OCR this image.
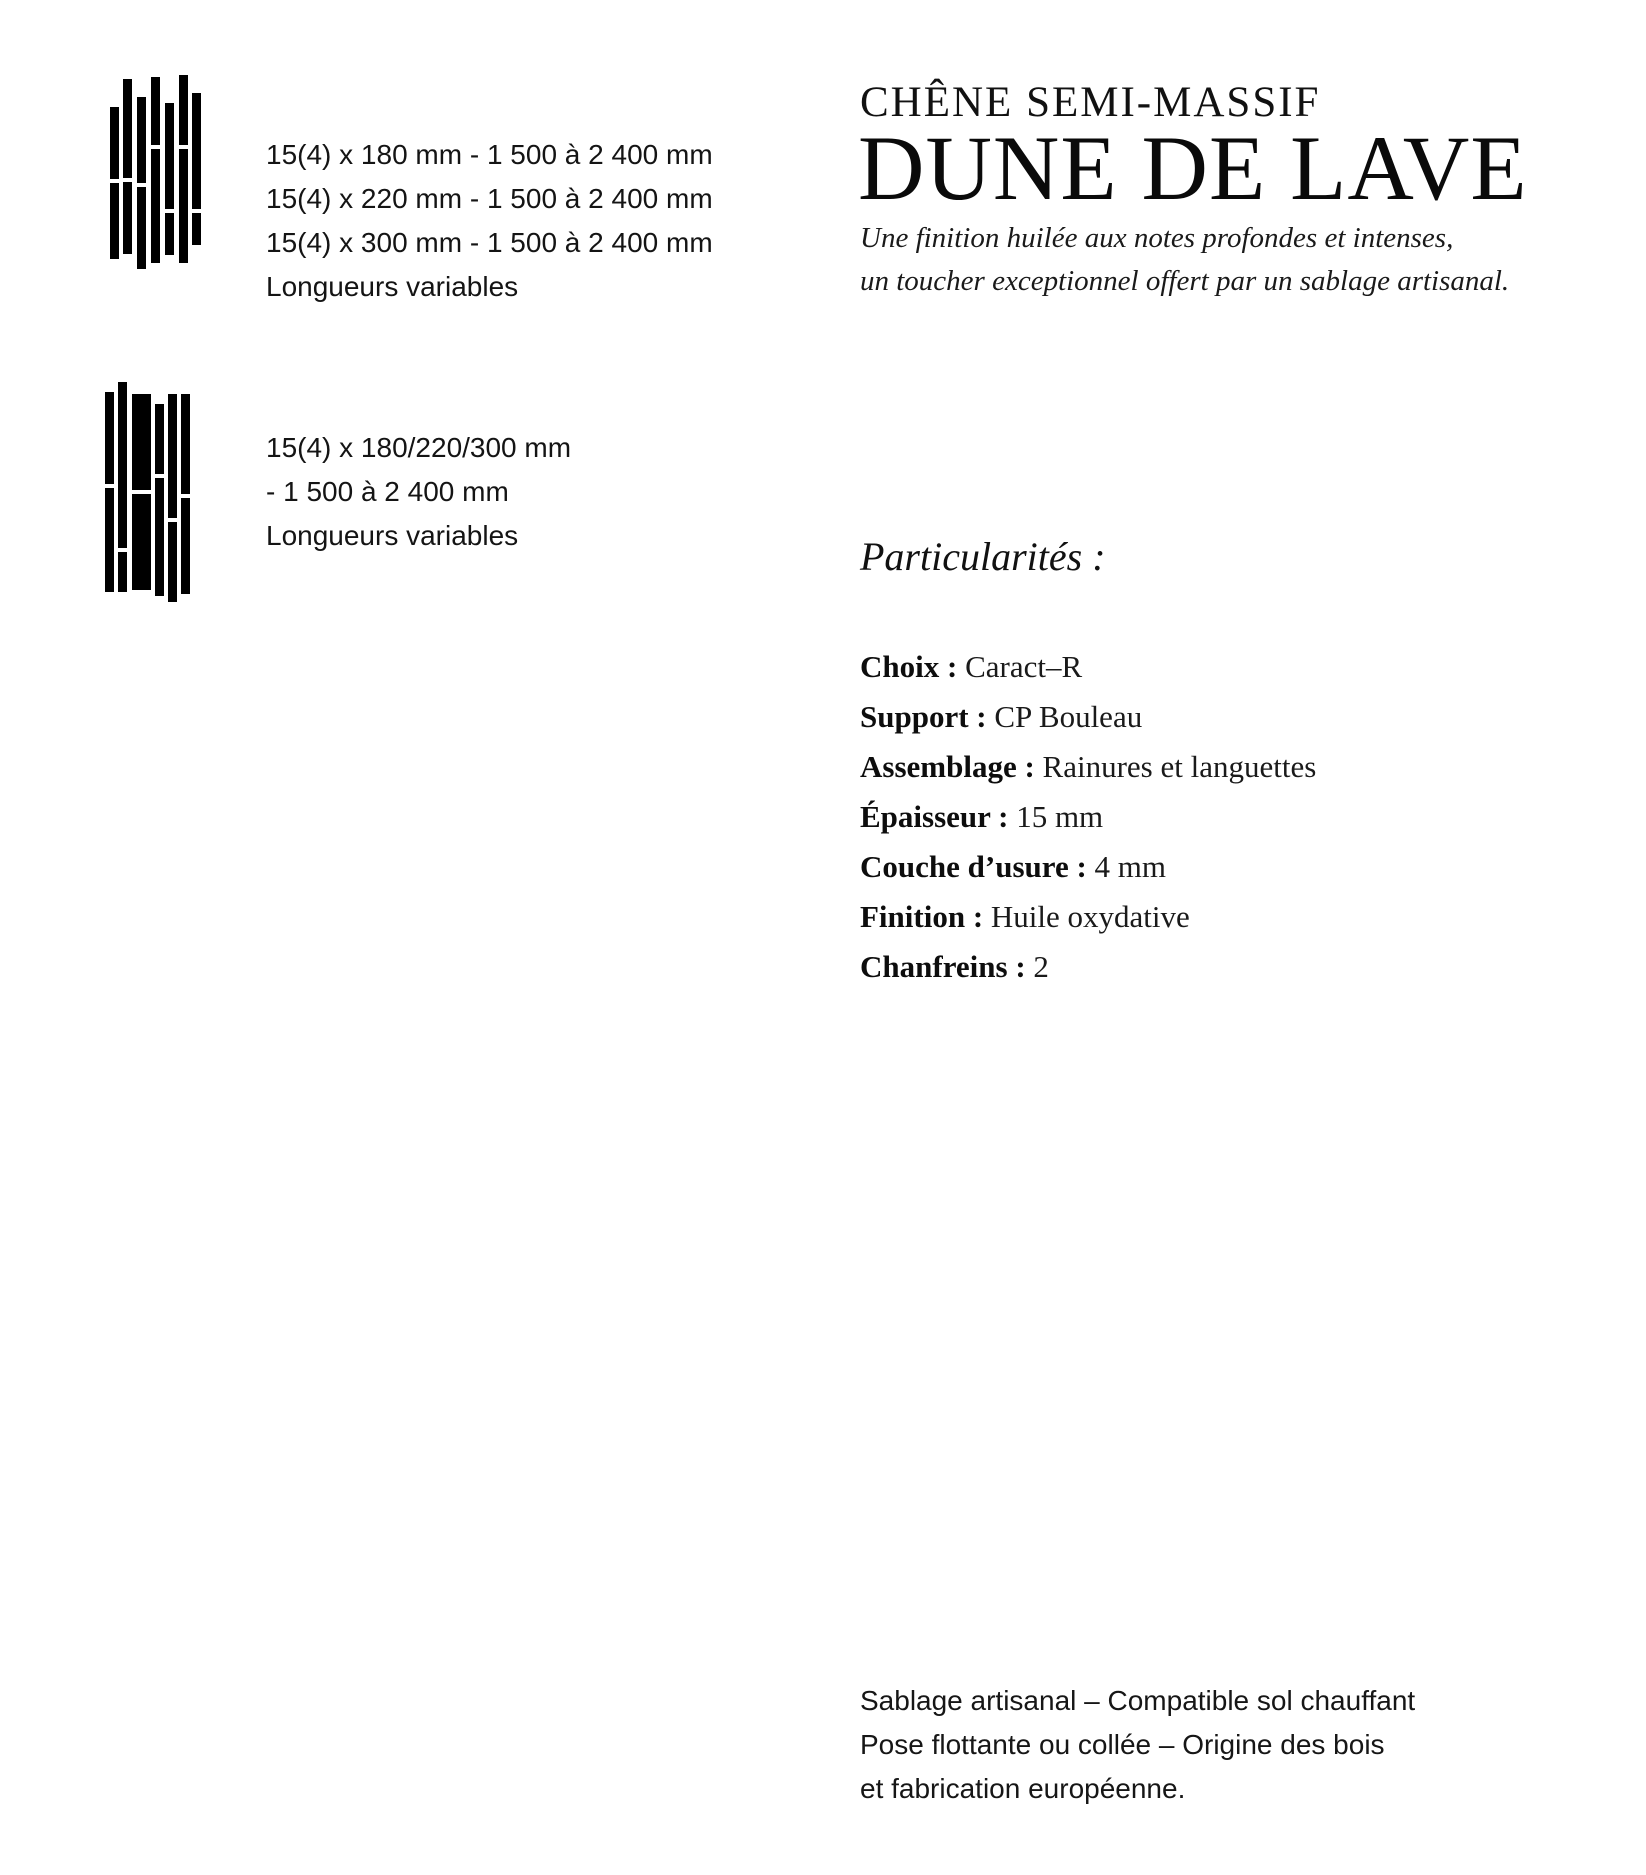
15(4) x 180 mm - 1 500 à 2 400 mm
15(4) x 220 mm - 1 500 à 2 400 mm
15(4) x 300 mm - 1 500 à 2 400 mm
Longueurs variables
15(4) x 180/220/300 mm
- 1 500 à 2 400 mm
Longueurs variables
CHÊNE SEMI-MASSIF
DUNE DE LAVE
Une finition huilée aux notes profondes et intenses,
un toucher exceptionnel offert par un sablage artisanal.
Particularités :
Choix : Caract–R
Support : CP Bouleau
Assemblage : Rainures et languettes
Épaisseur : 15 mm
Couche d’usure : 4 mm
Finition : Huile oxydative
Chanfreins : 2
Sablage artisanal – Compatible sol chauffant
Pose flottante ou collée – Origine des bois
et fabrication européenne.
